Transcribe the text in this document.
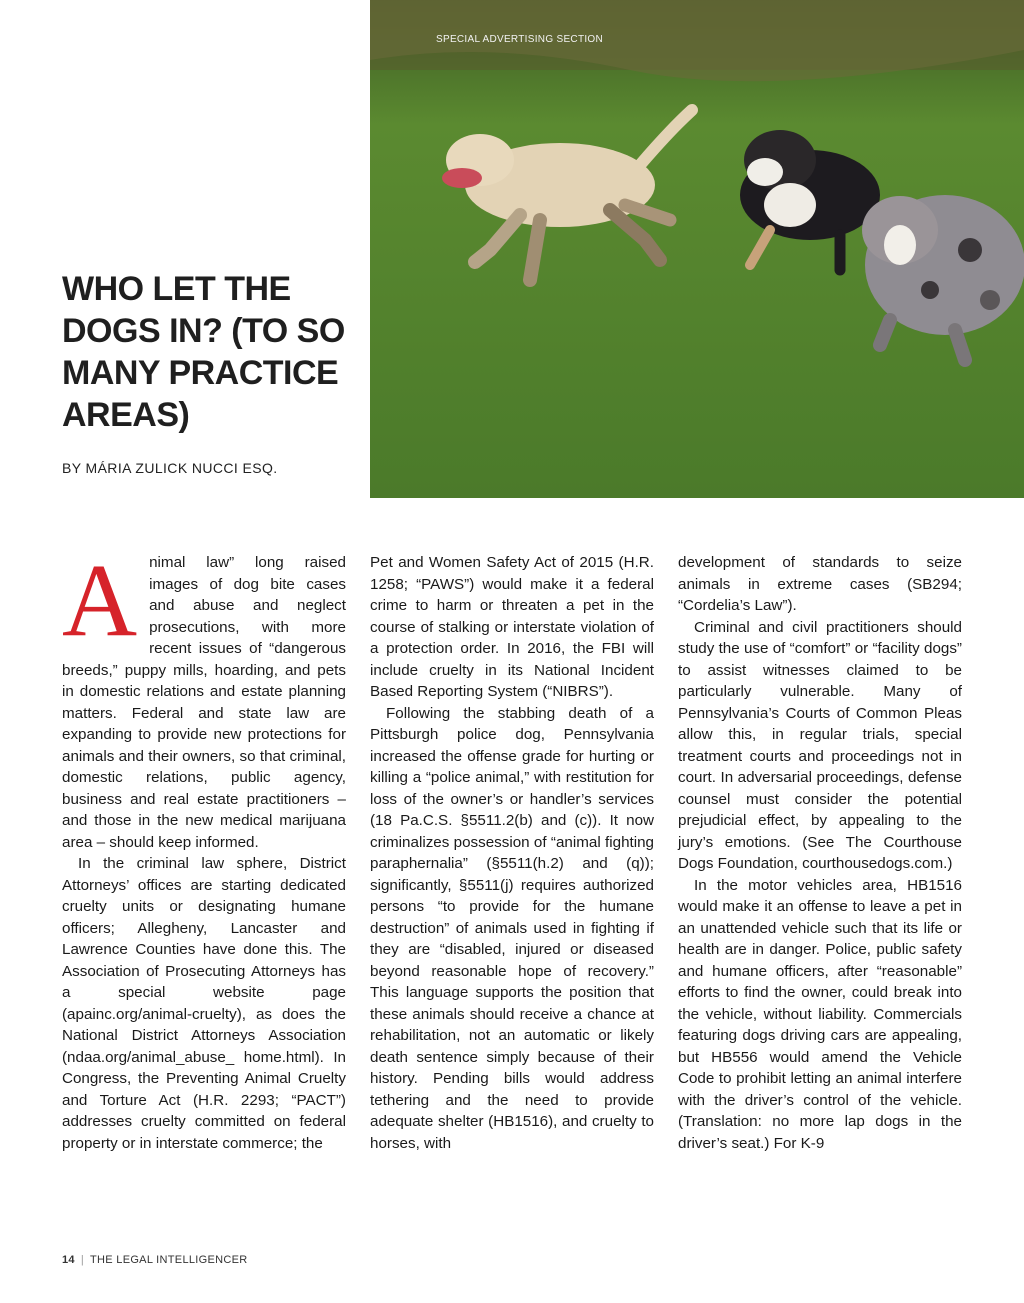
SPECIAL ADVERTISING SECTION
WHO LET THE
DOGS IN? (TO SO
MANY PRACTICE
AREAS)
BY MÁRIA ZULICK NUCCI ESQ.
A nimal law” long raised images of dog bite cases and abuse and neglect prosecutions, with more recent issues of “dangerous breeds,” puppy mills, hoarding, and pets in domestic relations and estate planning matters. Federal and state law are expanding to provide new protections for animals and their owners, so that criminal, domestic relations, public agency, business and real estate practitioners – and those in the new medical marijuana area – should keep informed.

In the criminal law sphere, District Attorneys’ offices are starting dedicated cruelty units or designating humane officers; Allegheny, Lancaster and Lawrence Counties have done this. The Association of Prosecuting Attorneys has a special website page (apainc.org/animal-cruelty), as does the National District Attorneys Association (ndaa.org/animal_abuse_ home.html). In Congress, the Preventing Animal Cruelty and Torture Act (H.R. 2293; “PACT”) addresses cruelty committed on federal property or in interstate commerce; the

Pet and Women Safety Act of 2015 (H.R. 1258; “PAWS”) would make it a federal crime to harm or threaten a pet in the course of stalking or interstate violation of a protection order. In 2016, the FBI will include cruelty in its National Incident Based Reporting System (“NIBRS”).

Following the stabbing death of a Pittsburgh police dog, Pennsylvania increased the offense grade for hurting or killing a “police animal,” with restitution for loss of the owner’s or handler’s services (18 Pa.C.S. §5511.2(b) and (c)). It now criminalizes possession of “animal fighting paraphernalia” (§5511(h.2) and (q)); significantly, §5511(j) requires authorized persons “to provide for the humane destruction” of animals used in fighting if they are “disabled, injured or diseased beyond reasonable hope of recovery.” This language supports the position that these animals should receive a chance at rehabilitation, not an automatic or likely death sentence simply because of their history. Pending bills would address tethering and the need to provide adequate shelter (HB1516), and cruelty to horses, with

development of standards to seize animals in extreme cases (SB294; “Cordelia’s Law”).

Criminal and civil practitioners should study the use of “comfort” or “facility dogs” to assist witnesses claimed to be particularly vulnerable. Many of Pennsylvania’s Courts of Common Pleas allow this, in regular trials, special treatment courts and proceedings not in court. In adversarial proceedings, defense counsel must consider the potential prejudicial effect, by appealing to the jury’s emotions. (See The Courthouse Dogs Foundation, courthousedogs.com.)

In the motor vehicles area, HB1516 would make it an offense to leave a pet in an unattended vehicle such that its life or health are in danger. Police, public safety and humane officers, after “reasonable” efforts to find the owner, could break into the vehicle, without liability. Commercials featuring dogs driving cars are appealing, but HB556 would amend the Vehicle Code to prohibit letting an animal interfere with the driver’s control of the vehicle. (Translation: no more lap dogs in the driver’s seat.) For K-9

14 | THE LEGAL INTELLIGENCER
